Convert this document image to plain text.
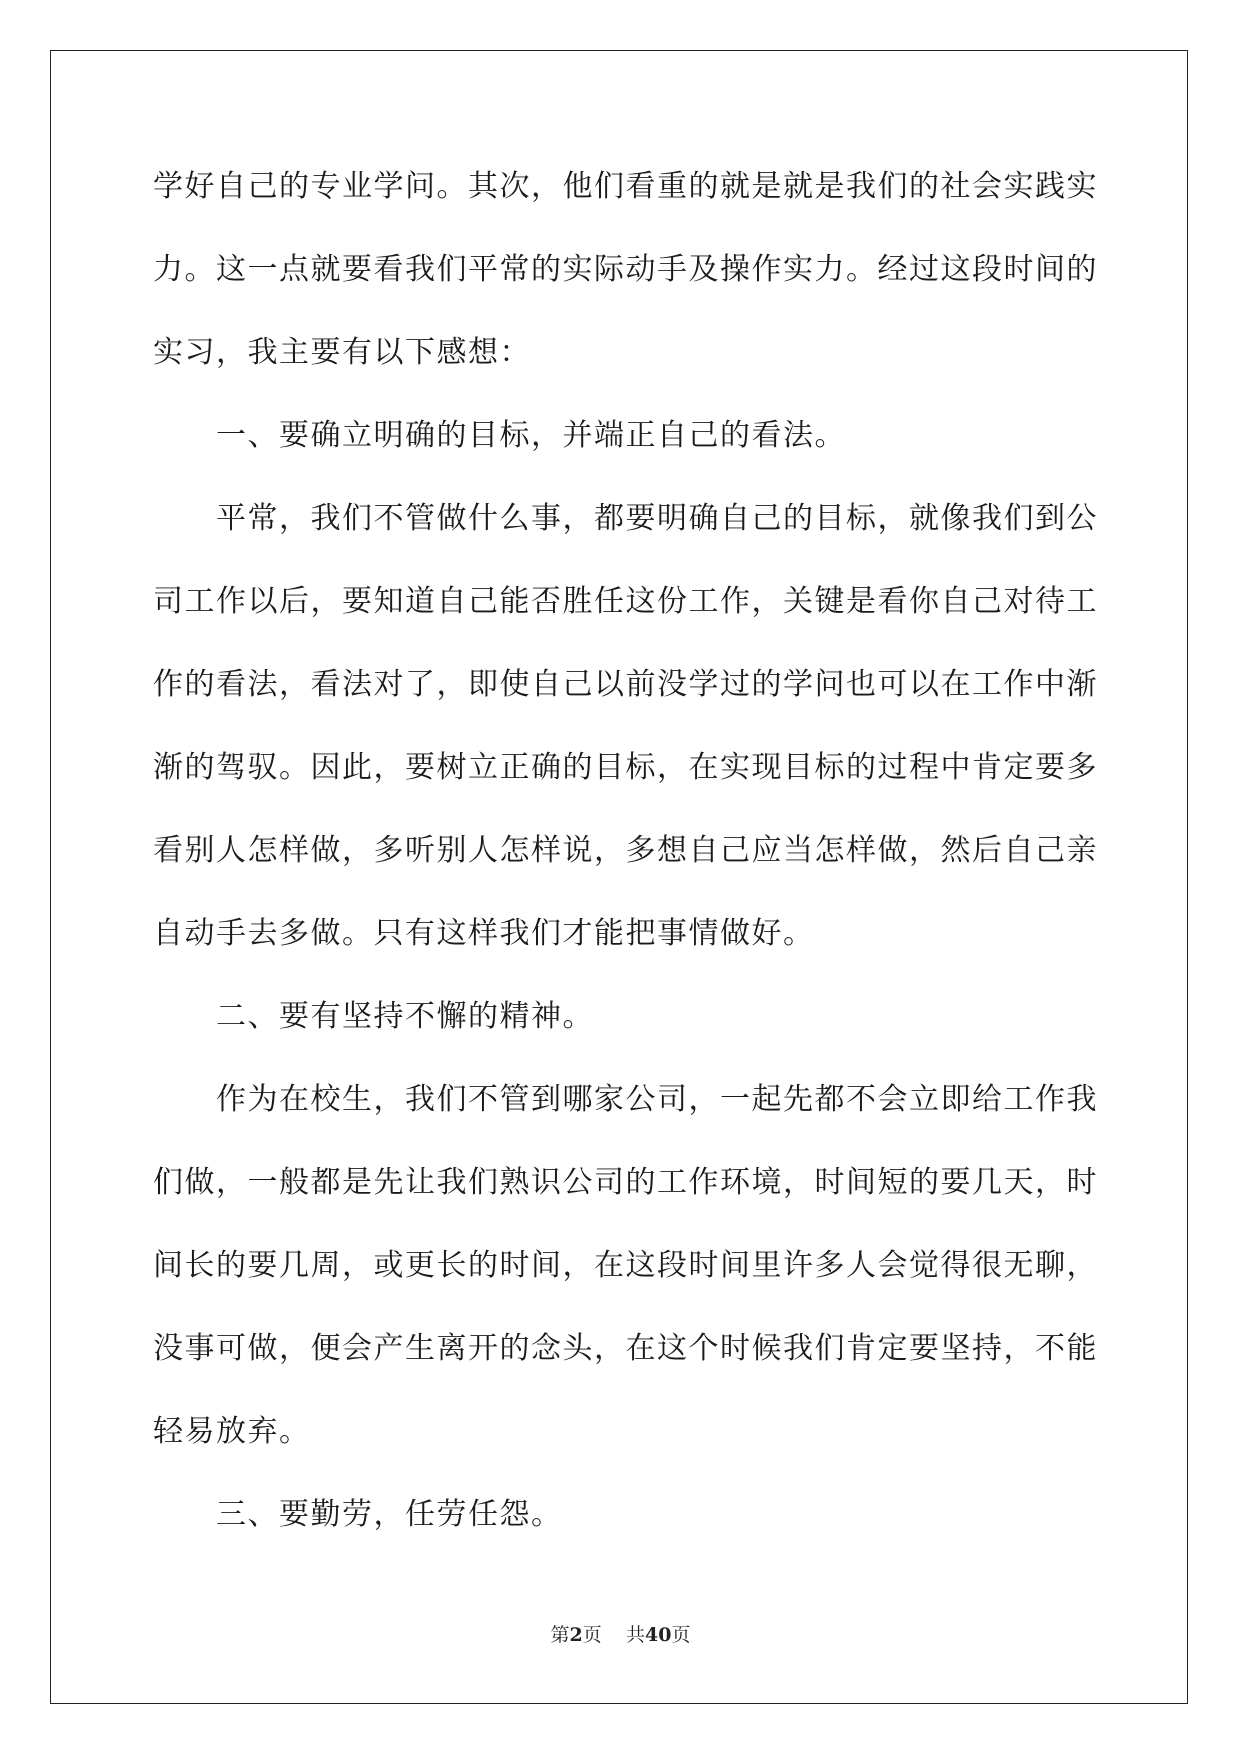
学好自己的专业学问。其次，他们看重的就是就是我们的社会实践实
力。这一点就要看我们平常的实际动手及操作实力。经过这段时间的
实习，我主要有以下感想：
　　一、要确立明确的目标，并端正自己的看法。
　　平常，我们不管做什么事，都要明确自己的目标，就像我们到公
司工作以后，要知道自己能否胜任这份工作，关键是看你自己对待工
作的看法，看法对了，即使自己以前没学过的学问也可以在工作中渐
渐的驾驭。因此，要树立正确的目标，在实现目标的过程中肯定要多
看别人怎样做，多听别人怎样说，多想自己应当怎样做，然后自己亲
自动手去多做。只有这样我们才能把事情做好。
　　二、要有坚持不懈的精神。
　　作为在校生，我们不管到哪家公司，一起先都不会立即给工作我
们做，一般都是先让我们熟识公司的工作环境，时间短的要几天，时
间长的要几周，或更长的时间，在这段时间里许多人会觉得很无聊，
没事可做，便会产生离开的念头，在这个时候我们肯定要坚持，不能
轻易放弃。
　　三、要勤劳，任劳任怨。
第2页 共40页
